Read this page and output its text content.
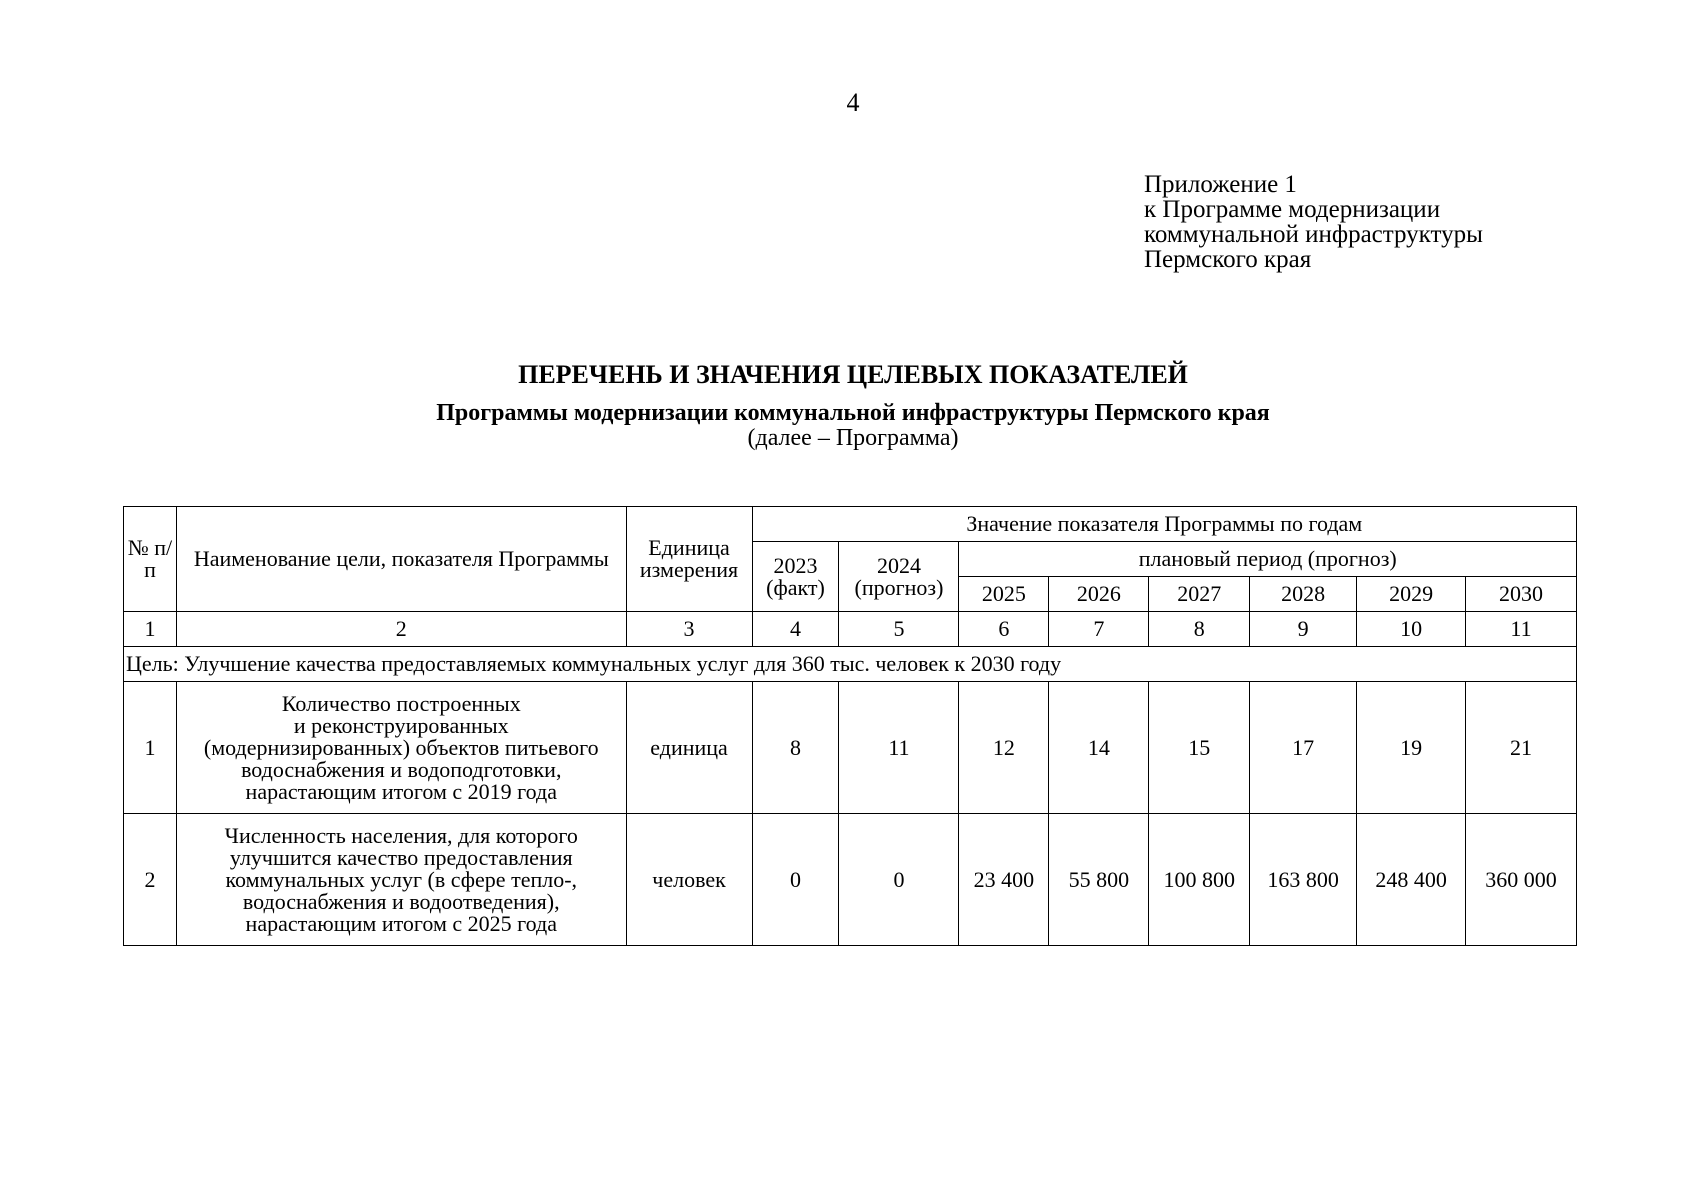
4
Приложение 1
к Программе модернизации
коммунальной инфраструктуры
Пермского края
ПЕРЕЧЕНЬ И ЗНАЧЕНИЯ ЦЕЛЕВЫХ ПОКАЗАТЕЛЕЙ
Программы модернизации коммунальной инфраструктуры Пермского края
(далее – Программа)
№ п/п	Наименование цели, показателя Программы	Единица измерения	Значение показателя Программы по годам							
			2023 (факт)	2024 (прогноз)	плановый период (прогноз)					
					2025	2026	2027	2028	2029	2030
1	2	3	4	5	6	7	8	9	10	11
Цель: Улучшение качества предоставляемых коммунальных услуг для 360 тыс. человек к 2030 году										
1	Количество построенных
и реконструированных
(модернизированных) объектов питьевого
водоснабжения и водоподготовки,
нарастающим итогом с 2019 года	единица	8	11	12	14	15	17	19	21
2	Численность населения, для которого
улучшится качество предоставления
коммунальных услуг (в сфере тепло-,
водоснабжения и водоотведения),
нарастающим итогом с 2025 года	человек	0	0	23 400	55 800	100 800	163 800	248 400	360 000
